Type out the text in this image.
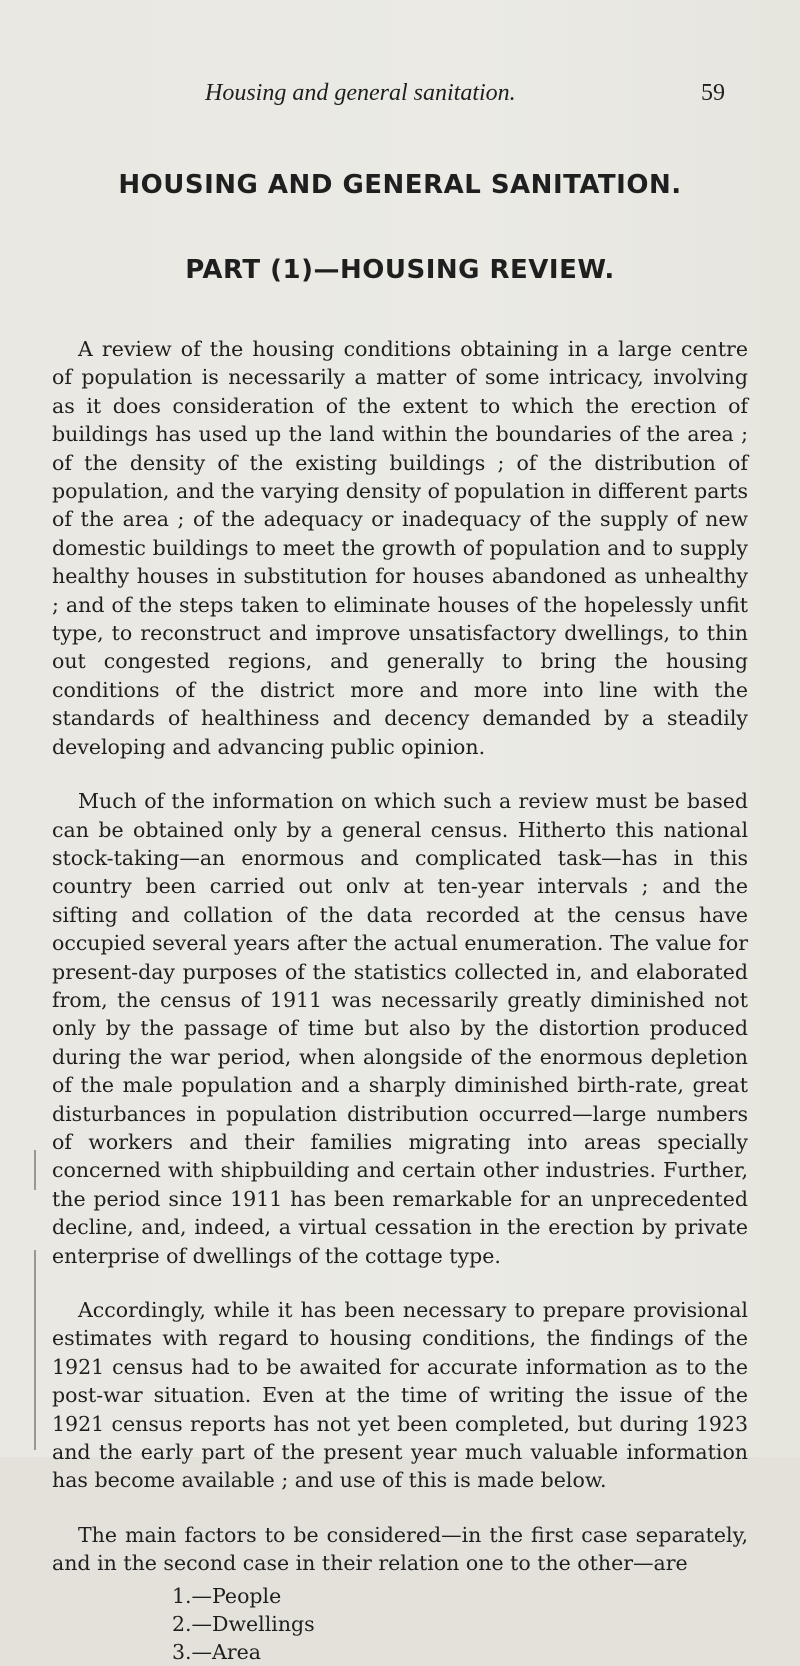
Housing and general sanitation.	59
HOUSING AND GENERAL SANITATION.
PART (1)—HOUSING REVIEW.

A review of the housing conditions obtaining in a large centre of population is necessarily a matter of some intricacy, involving as it does consideration of the extent to which the erection of buildings has used up the land within the boundaries of the area ; of the density of the existing buildings ; of the distribution of population, and the varying density of population in different parts of the area ; of the adequacy or inadequacy of the supply of new domestic buildings to meet the growth of population and to supply healthy houses in substitution for houses abandoned as unhealthy ; and of the steps taken to eliminate houses of the hopelessly unfit type, to reconstruct and improve unsatisfactory dwellings, to thin out congested regions, and generally to bring the housing conditions of the district more and more into line with the standards of healthiness and decency demanded by a steadily developing and advancing public opinion.

Much of the information on which such a review must be based can be obtained only by a general census. Hitherto this national stock-taking—an enormous and complicated task—has in this country been carried out onlv at ten-year intervals ; and the sifting and collation of the data recorded at the census have occupied several years after the actual enumeration. The value for present-day purposes of the statistics collected in, and elaborated from, the census of 1911 was necessarily greatly diminished not only by the passage of time but also by the distortion produced during the war period, when alongside of the enormous depletion of the male population and a sharply diminished birth-rate, great disturbances in population distribution occurred—large numbers of workers and their families migrating into areas specially concerned with shipbuilding and certain other industries. Further, the period since 1911 has been remarkable for an unprecedented decline, and, indeed, a virtual cessation in the erection by private enterprise of dwellings of the cottage type.

Accordingly, while it has been necessary to prepare provisional estimates with regard to housing conditions, the findings of the 1921 census had to be awaited for accurate information as to the post-war situation. Even at the time of writing the issue of the 1921 census reports has not yet been completed, but during 1923 and the early part of the present year much valuable information has become available ; and use of this is made below.

The main factors to be considered—in the first case separately, and in the second case in their relation one to the other—are

1.—People
2.—Dwellings
3.—Area
